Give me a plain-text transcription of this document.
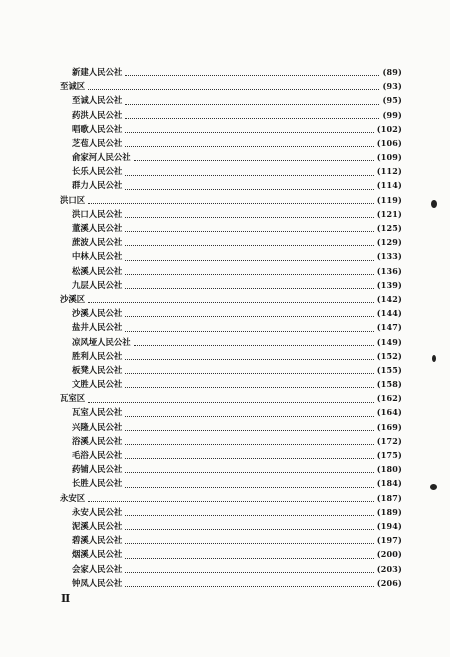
新建人民公社	(89)
至诚区	(93)
至诚人民公社	(95)
药洪人民公社	(99)
唱歌人民公社	(102)
芝苞人民公社	(106)
俞家河人民公社	(109)
长乐人民公社	(112)
群力人民公社	(114)
洪口区	(119)
洪口人民公社	(121)
董溪人民公社	(125)
蔗波人民公社	(129)
中林人民公社	(133)
松溪人民公社	(136)
九层人民公社	(139)
沙溪区	(142)
沙溪人民公社	(144)
盐井人民公社	(147)
凉风垭人民公社	(149)
胜利人民公社	(152)
板凳人民公社	(155)
文胜人民公社	(158)
瓦室区	(162)
瓦室人民公社	(164)
兴隆人民公社	(169)
浴溪人民公社	(172)
毛浴人民公社	(175)
药铺人民公社	(180)
长胜人民公社	(184)
永安区	(187)
永安人民公社	(189)
泥溪人民公社	(194)
碧溪人民公社	(197)
烟溪人民公社	(200)
会家人民公社	(203)
钟凤人民公社	(206)
Ⅱ
